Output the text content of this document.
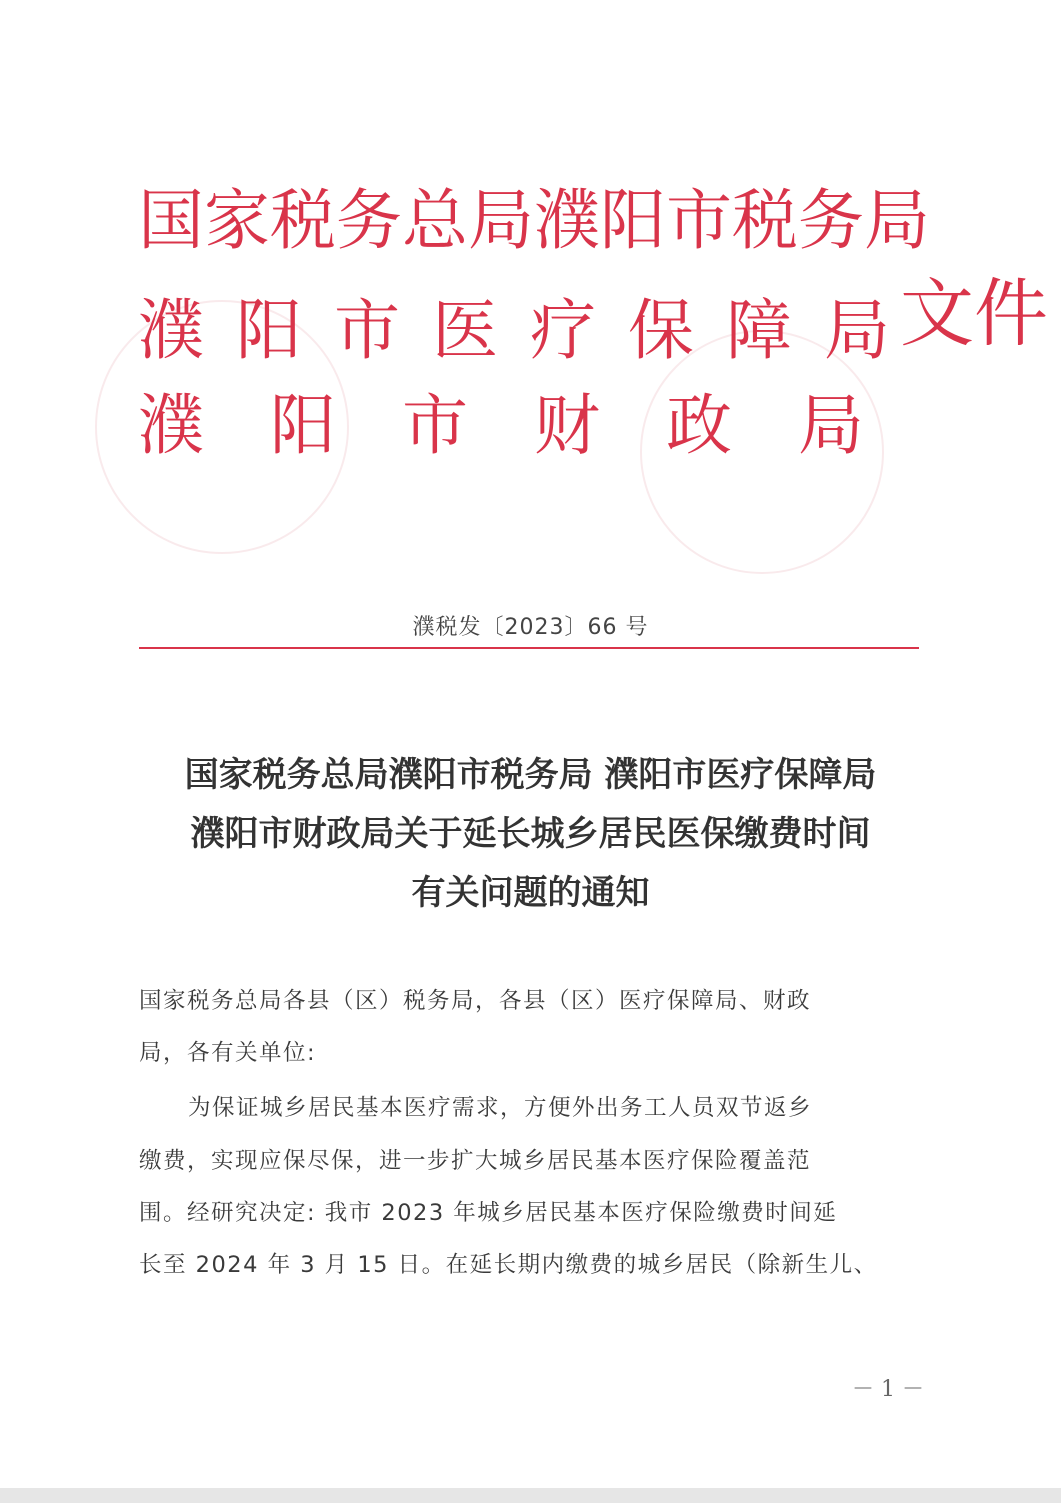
国家税务总局濮阳市税务局
濮阳市医疗保障局文件
濮阳市财政局
濮税发〔2023〕66 号
国家税务总局濮阳市税务局 濮阳市医疗保障局
濮阳市财政局关于延长城乡居民医保缴费时间
有关问题的通知
国家税务总局各县（区）税务局，各县（区）医疗保障局、财政
局，各有关单位:
为保证城乡居民基本医疗需求，方便外出务工人员双节返乡
缴费，实现应保尽保，进一步扩大城乡居民基本医疗保险覆盖范
围。经研究决定: 我市 2023 年城乡居民基本医疗保险缴费时间延
长至 2024 年 3 月 15 日。在延长期内缴费的城乡居民（除新生儿、
－ 1 －
